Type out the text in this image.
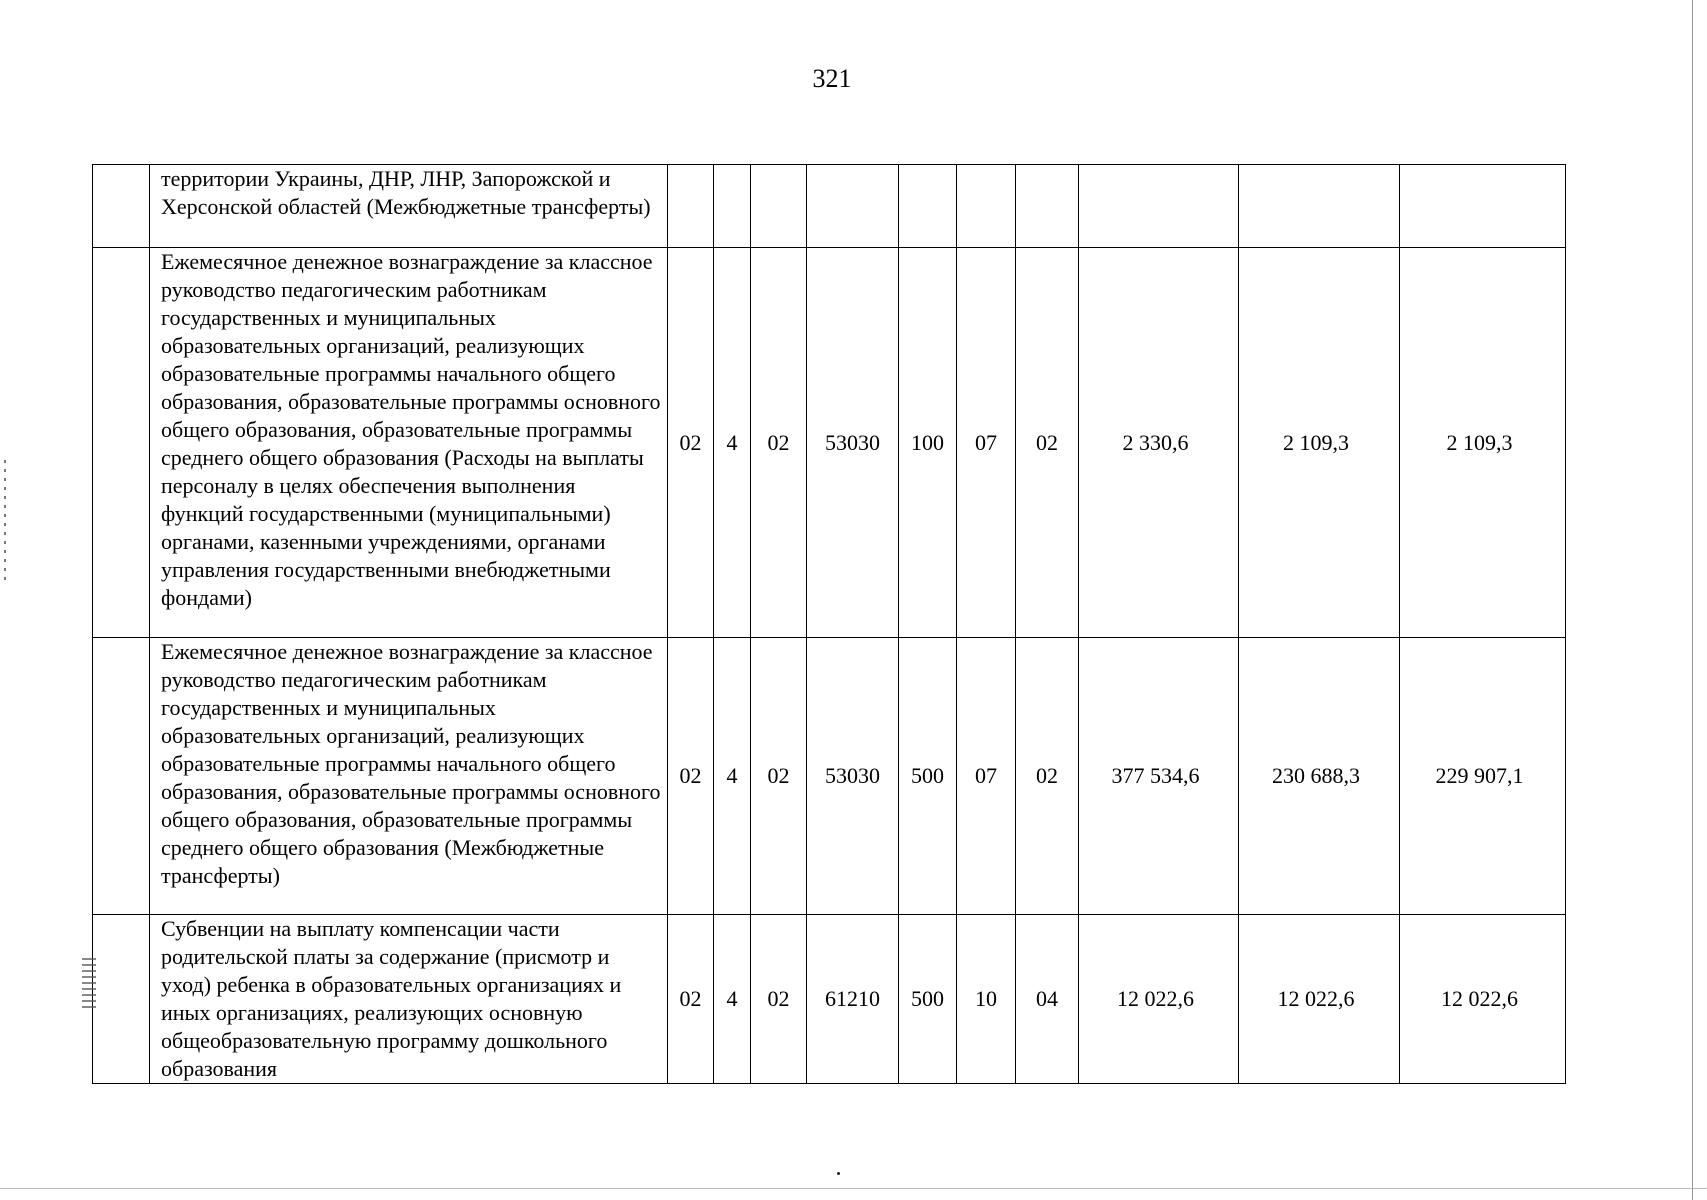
321
	территории Украины, ДНР, ЛНР, Запорожской и Херсонской областей (Межбюджетные трансферты)										
	Ежемесячное денежное вознаграждение за классное руководство педагогическим работникам государственных и муниципальных образовательных организаций, реализующих образовательные программы начального общего образования, образовательные программы основного общего образования, образовательные программы среднего общего образования (Расходы на выплаты персоналу в целях обеспечения выполнения функций государственными (муниципальными) органами, казенными учреждениями, органами управления государственными внебюджетными фондами)	02	4	02	53030	100	07	02	2 330,6	2 109,3	2 109,3
	Ежемесячное денежное вознаграждение за классное руководство педагогическим работникам государственных и муниципальных образовательных организаций, реализующих образовательные программы начального общего образования, образовательные программы основного общего образования, образовательные программы среднего общего образования (Межбюджетные трансферты)	02	4	02	53030	500	07	02	377 534,6	230 688,3	229 907,1
	Субвенции на выплату компенсации части родительской платы за содержание (присмотр и уход) ребенка в образовательных организациях и иных организациях, реализующих основную общеобразовательную программу дошкольного образования	02	4	02	61210	500	10	04	12 022,6	12 022,6	12 022,6
